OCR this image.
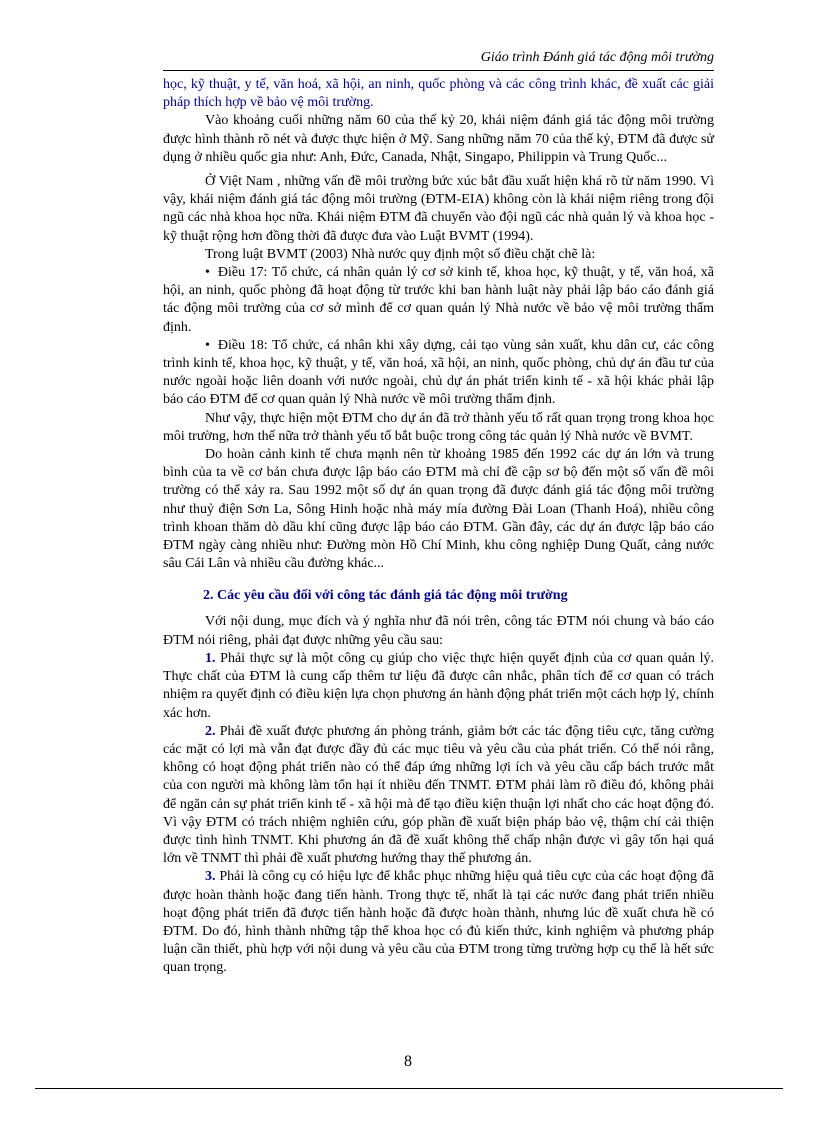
Giáo trình Đánh giá tác động môi trường

học, kỹ thuật, y tế, văn hoá, xã hội, an ninh, quốc phòng và các công trình khác, đề xuất các giải pháp thích hợp về bảo vệ môi trường.

Vào khoảng cuối những năm 60 của thế kỷ 20, khái niệm đánh giá tác động môi trường được hình thành rõ nét và được thực hiện ở Mỹ. Sang những năm 70 của thế kỷ, ĐTM đã được sử dụng ở nhiều quốc gia như: Anh, Đức, Canada, Nhật, Singapo, Philippin và Trung Quốc...

Ở Việt Nam , những vấn đề môi trường bức xúc bắt đầu xuất hiện khá rõ từ năm 1990. Vì vậy, khái niệm đánh giá tác động môi trường (ĐTM-EIA) không còn là khái niệm riêng trong đội ngũ các nhà khoa học nữa. Khái niệm ĐTM đã chuyển vào đội ngũ các nhà quản lý và khoa học - kỹ thuật rộng hơn đồng thời đã được đưa vào Luật BVMT (1994).

Trong luật BVMT (2003) Nhà nước quy định một số điều chặt chẽ là:

• Điều 17: Tổ chức, cá nhân quản lý cơ sở kinh tế, khoa học, kỹ thuật, y tế, văn hoá, xã hội, an ninh, quốc phòng đã hoạt động từ trước khi ban hành luật này phải lập báo cáo đánh giá tác động môi trường của cơ sở mình để cơ quan quản lý Nhà nước về bảo vệ môi trường thẩm định.

• Điều 18: Tổ chức, cá nhân khi xây dựng, cải tạo vùng sản xuất, khu dân cư, các công trình kinh tế, khoa học, kỹ thuật, y tế, văn hoá, xã hội, an ninh, quốc phòng, chủ dự án đầu tư của nước ngoài hoặc liên doanh với nước ngoài, chủ dự án phát triển kinh tế - xã hội khác phải lập báo cáo ĐTM để cơ quan quản lý Nhà nước về môi trường thẩm định.

Như vậy, thực hiện một ĐTM cho dự án đã trở thành yếu tố rất quan trọng trong khoa học môi trường, hơn thế nữa trở thành yếu tố bắt buộc trong công tác quản lý Nhà nước về BVMT.

Do hoàn cảnh kinh tế chưa mạnh nên từ khoảng 1985 đến 1992 các dự án lớn và trung bình của ta về cơ bản chưa được lập báo cáo ĐTM mà chỉ đề cập sơ bộ đến một số vấn đề môi trường có thể xảy ra. Sau 1992 một số dự án quan trọng đã được đánh giá tác động môi trường như thuỷ điện Sơn La, Sông Hinh hoặc nhà máy mía đường Đài Loan (Thanh Hoá), nhiều công trình khoan thăm dò dầu khí cũng được lập báo cáo ĐTM. Gần đây, các dự án được lập báo cáo ĐTM ngày càng nhiều như: Đường mòn Hồ Chí Minh, khu công nghiệp Dung Quất, cảng nước sâu Cái Lân và nhiều cầu đường khác...

2. Các yêu cầu đối với công tác đánh giá tác động môi trường

Với nội dung, mục đích và ý nghĩa như đã nói trên, công tác ĐTM nói chung và báo cáo ĐTM nói riêng, phải đạt được những yêu cầu sau:

1. Phải thực sự là một công cụ giúp cho việc thực hiện quyết định của cơ quan quản lý. Thực chất của ĐTM là cung cấp thêm tư liệu đã được cân nhắc, phân tích để cơ quan có trách nhiệm ra quyết định có điều kiện lựa chọn phương án hành động phát triển một cách hợp lý, chính xác hơn.

2. Phải đề xuất được phương án phòng tránh, giảm bớt các tác động tiêu cực, tăng cường các mặt có lợi mà vẫn đạt được đầy đủ các mục tiêu và yêu cầu của phát triển. Có thể nói rằng, không có hoạt động phát triển nào có thể đáp ứng những lợi ích và yêu cầu cấp bách trước mắt của con người mà không làm tổn hại ít nhiều đến TNMT. ĐTM phải làm rõ điều đó, không phải để ngăn cản sự phát triển kinh tế - xã hội mà để tạo điều kiện thuận lợi nhất cho các hoạt động đó. Vì vậy ĐTM có trách nhiệm nghiên cứu, góp phần đề xuất biện pháp bảo vệ, thậm chí cải thiện được tình hình TNMT. Khi phương án đã đề xuất không thể chấp nhận được vì gây tổn hại quá lớn về TNMT thì phải đề xuất phương hướng thay thế phương án.

3. Phải là công cụ có hiệu lực để khắc phục những hiệu quả tiêu cực của các hoạt động đã được hoàn thành hoặc đang tiến hành. Trong thực tế, nhất là tại các nước đang phát triển nhiều hoạt động phát triển đã được tiến hành hoặc đã được hoàn thành, nhưng lúc đề xuất chưa hề có ĐTM. Do đó, hình thành những tập thể khoa học có đủ kiến thức, kinh nghiệm và phương pháp luận cần thiết, phù hợp với nội dung và yêu cầu của ĐTM trong từng trường hợp cụ thể là hết sức quan trọng.

8
